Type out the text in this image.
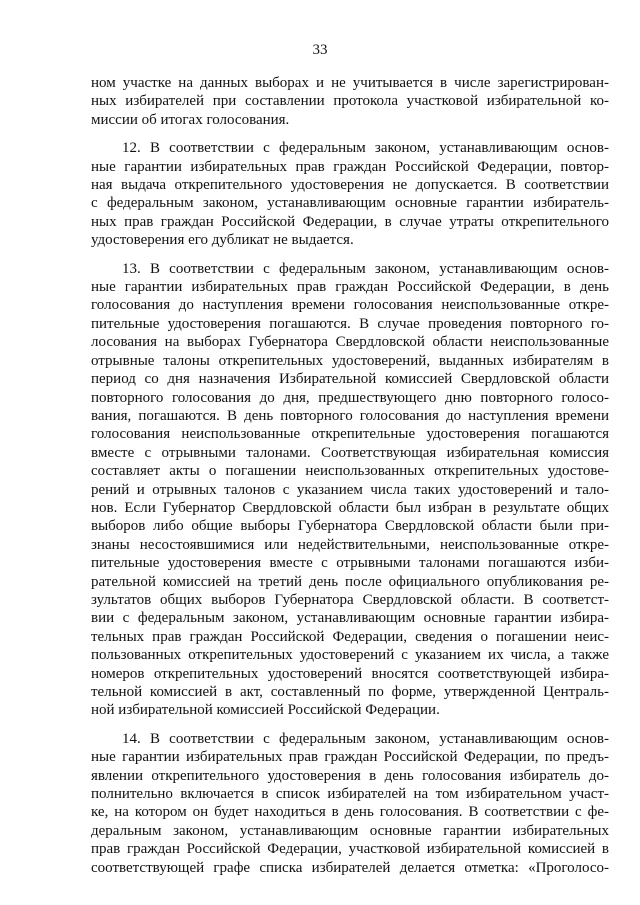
33

ном участке на данных выборах и не учитывается в числе зарегистрирован-
ных избирателей при составлении протокола участковой избирательной ко-
миссии об итогах голосования.

12. В соответствии с федеральным законом, устанавливающим основ-
ные гарантии избирательных прав граждан Российской Федерации, повтор-
ная выдача открепительного удостоверения не допускается. В соответствии
с федеральным законом, устанавливающим основные гарантии избиратель-
ных прав граждан Российской Федерации, в случае утраты открепительного
удостоверения его дубликат не выдается.

13. В соответствии с федеральным законом, устанавливающим основ-
ные гарантии избирательных прав граждан Российской Федерации, в день
голосования до наступления времени голосования неиспользованные откре-
пительные удостоверения погашаются. В случае проведения повторного го-
лосования на выборах Губернатора Свердловской области неиспользованные
отрывные талоны открепительных удостоверений, выданных избирателям в
период со дня назначения Избирательной комиссией Свердловской области
повторного голосования до дня, предшествующего дню повторного голосо-
вания, погашаются. В день повторного голосования до наступления времени
голосования неиспользованные открепительные удостоверения погашаются
вместе с отрывными талонами. Соответствующая избирательная комиссия
составляет акты о погашении неиспользованных открепительных удостове-
рений и отрывных талонов с указанием числа таких удостоверений и тало-
нов. Если Губернатор Свердловской области был избран в результате общих
выборов либо общие выборы Губернатора Свердловской области были при-
знаны несостоявшимися или недействительными, неиспользованные откре-
пительные удостоверения вместе с отрывными талонами погашаются изби-
рательной комиссией на третий день после официального опубликования ре-
зультатов общих выборов Губернатора Свердловской области. В соответст-
вии с федеральным законом, устанавливающим основные гарантии избира-
тельных прав граждан Российской Федерации, сведения о погашении неис-
пользованных открепительных удостоверений с указанием их числа, а также
номеров открепительных удостоверений вносятся соответствующей избира-
тельной комиссией в акт, составленный по форме, утвержденной Централь-
ной избирательной комиссией Российской Федерации.

14. В соответствии с федеральным законом, устанавливающим основ-
ные гарантии избирательных прав граждан Российской Федерации, по предъ-
явлении открепительного удостоверения в день голосования избиратель до-
полнительно включается в список избирателей на том избирательном участ-
ке, на котором он будет находиться в день голосования. В соответствии с фе-
деральным законом, устанавливающим основные гарантии избирательных
прав граждан Российской Федерации, участковой избирательной комиссией в
соответствующей графе списка избирателей делается отметка: «Проголосо-
